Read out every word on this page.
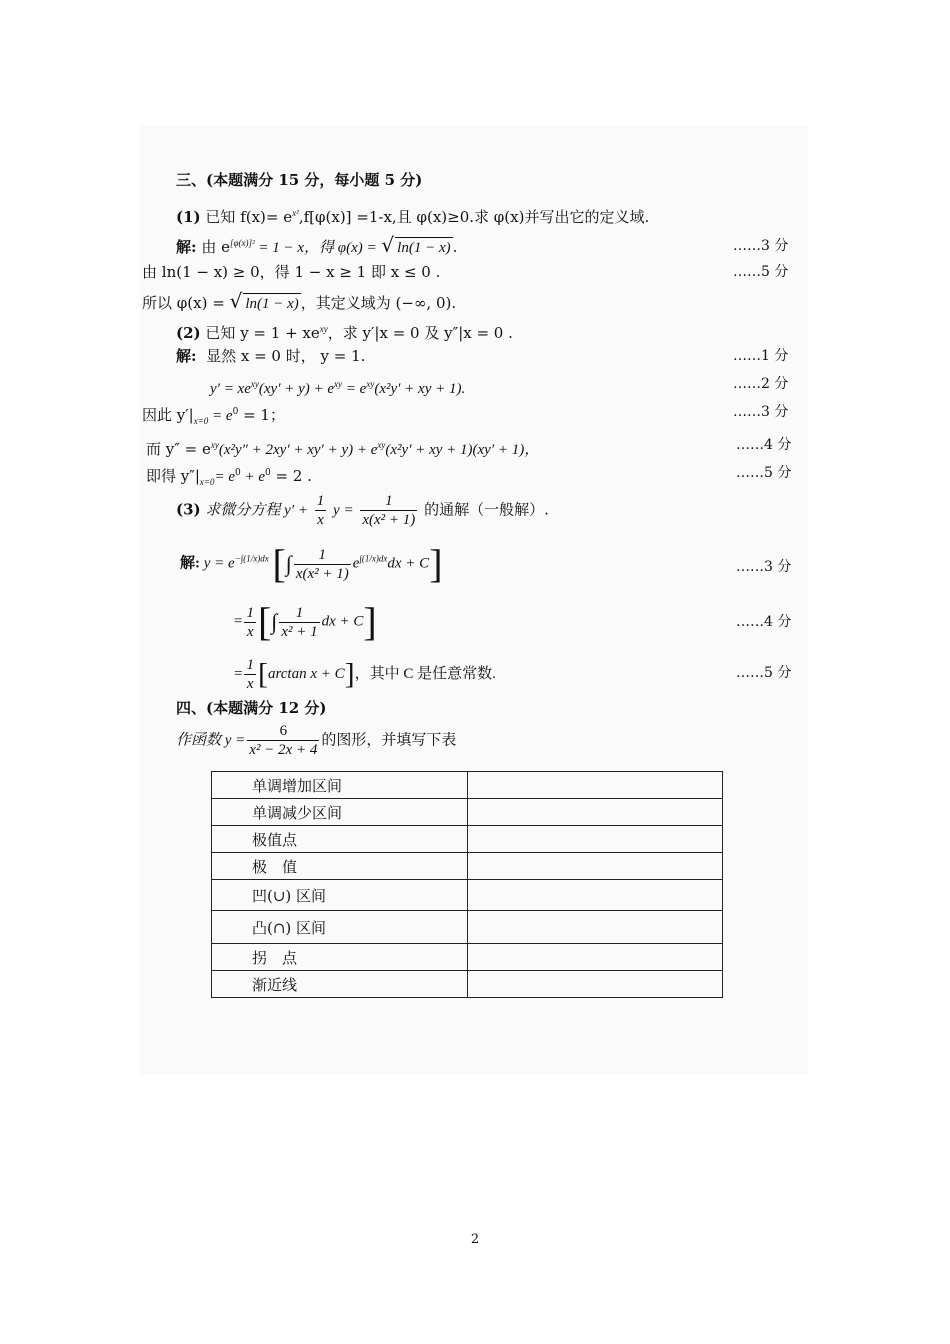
三、(本题满分 15 分，每小题 5 分)
(1) 已知 $f(x)= e^{x^2},f[\varphi(x)] =1-x$,且 φ(x)≥0.求 φ(x)并写出它的定义域.
解: 由 $e^{[\varphi(x)]^2} = 1 - x$，得 φ(x) = √ ln(1 − x) .	……3 分
由 ln(1 − x) ≥ 0，得 1 − x ≥ 1 即 x ≤ 0 .	……5 分
所以 φ(x) = √ ln(1 − x) ，其定义域为 (−∞, 0).
(2) 已知 $y = 1 + xe^{xy}$，求 y′|x = 0 及 y″|x = 0 .
解: 显然 x = 0 时， y = 1.	……1 分
$y' = xe^{xy}(xy' + y) + e^{xy} = e^{xy}(x^2y'$ + xy + 1).	……2 分
因此 $y'|_{x=0} = e^0 = 1$；	……3 分
而 $y'' = e^{xy}(x^2y'' + 2xy' + xy' + y) + e^{xy}(x^2y'$ + xy + 1)(xy′ + 1)，	……4 分
即得 $y''|_{x=0}= e^0 + e^0 = 2$ .	……5 分
(3) 求微分方程 $y' + \frac{1}{x}$ $y = \frac{1}{\text{x(x² + 1)}}$ 的通解（一般解）.
解: $y = e^{-\int(1/x)dx}$ [∫ $\frac{1}{\text{x(x² + 1)}} e^{\int(1/x)dx}dx + C$]	……3 分
= $\frac{1}{x}$ [∫ $\frac{1}{\text{x² + 1}}$ dx + C]	……4 分
= $\frac{1}{x} [\arctan$ x + C]，其中 C 是任意常数.	……5 分
四、(本题满分 12 分)
作函数 $y = \frac{6}{\text{x² − 2x + 4}}$ 的图形，并填写下表
单调增加区间	
单调减少区间	
极值点	
极　值	
凹(∪) 区间	
凸(∩) 区间	
拐　点	
渐近线	
2
